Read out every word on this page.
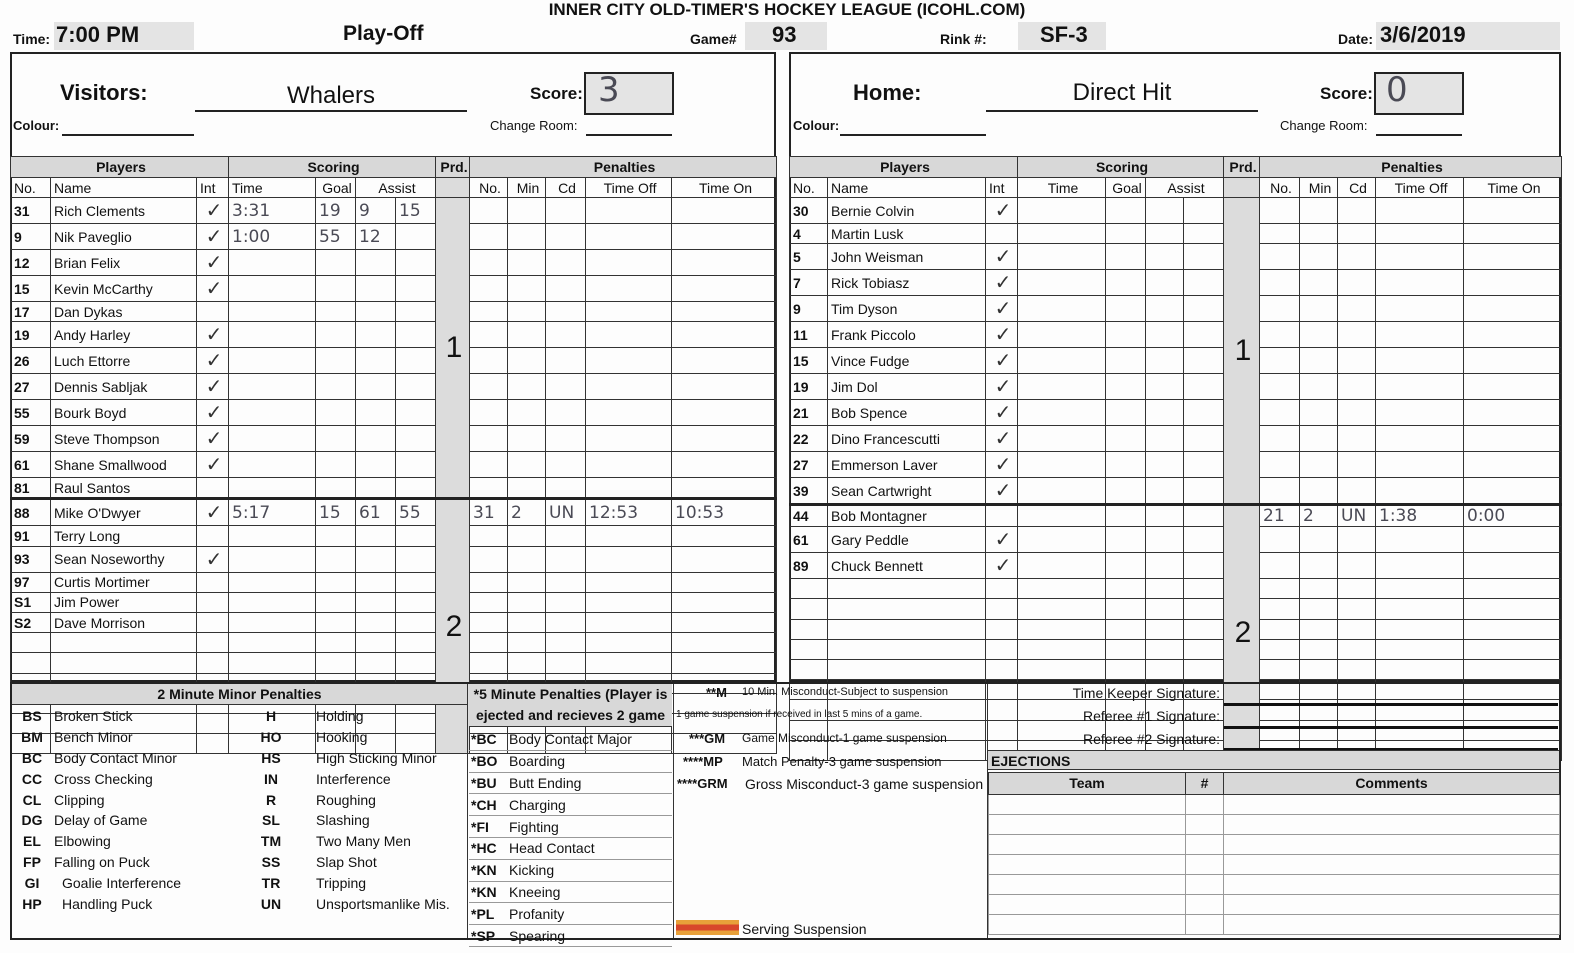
INNER CITY OLD-TIMER'S HOCKEY LEAGUE (ICOHL.COM)
Time: 7:00 PM	Play-Off	Game# 93	Rink #: SF-3	Date: 3/6/2019
Visitors:	Whalers	Score: 3
Colour:	Change Room:
Players			Scoring				Prd.	Penalties				
No.	Name	Int	Time	Goal	Assist			No.	Min	Cd	Time Off	Time On
31	Rich Clements	✓	3:31	19	9	15	1					
9	Nik Paveglio	✓	1:00	55	12							
12	Brian Felix	✓										
15	Kevin McCarthy	✓										
17	Dan Dykas											
19	Andy Harley	✓										
26	Luch Ettorre	✓										
27	Dennis Sabljak	✓										
55	Bourk Boyd	✓										
59	Steve Thompson	✓										
61	Shane Smallwood	✓										
81	Raul Santos											
88	Mike O'Dwyer	✓	5:17	15	61	55	2	31	2	UN	12:53	10:53
91	Terry Long											
93	Sean Noseworthy	✓										
97	Curtis Mortimer											
S1	Jim Power											
S2	Dave Morrison											

Home:	Direct Hit	Score: 0
Colour:	Change Room:
Players			Scoring				Prd.	Penalties				
No.	Name	Int	Time	Goal	Assist			No.	Min	Cd	Time Off	Time On
30	Bernie Colvin	✓					1					
4	Martin Lusk											
5	John Weisman	✓										
7	Rick Tobiasz	✓										
9	Tim Dyson	✓										
11	Frank Piccolo	✓										
15	Vince Fudge	✓										
19	Jim Dol	✓										
21	Bob Spence	✓										
22	Dino Francescutti	✓										
27	Emmerson Laver	✓										
39	Sean Cartwright	✓										
44	Bob Montagner						2	21	2	UN	1:38	0:00
61	Gary Peddle	✓										
89	Chuck Bennett	✓										

2 Minute Minor Penalties
BS	Broken Stick	H	Holding
BM	Bench Minor	HO	Hooking
BC	Body Contact Minor	HS	High Sticking Minor
CC	Cross Checking	IN	Interference
CL	Clipping	R	Roughing
DG	Delay of Game	SL	Slashing
EL	Elbowing	TM	Two Many Men
FP	Falling on Puck	SS	Slap Shot
GI	Goalie Interference	TR	Tripping
HP	Handling Puck	UN	Unsportsmanlike Mis.
*5 Minute Penalties (Player is ejected and recieves 2 game
*BC	Body Contact Major
*BO	Boarding
*BU	Butt Ending
*CH	Charging
*FI	Fighting
*HC	Head Contact
*KN	Kicking
*KN	Kneeing
*PL	Profanity
*SP	Spearing
**M 10 Min. Misconduct-Subject to suspension
1 game suspension if received in last 5 mins of a game.
***GM Game Misconduct-1 game suspension
****MP Match Penalty-3 game suspension
****GRM Gross Misconduct-3 game suspension
Serving Suspension
Time Keeper Signature:
Referee #1 Signature:
Referee #2 Signature:
EJECTIONS
Team	#	Comments
